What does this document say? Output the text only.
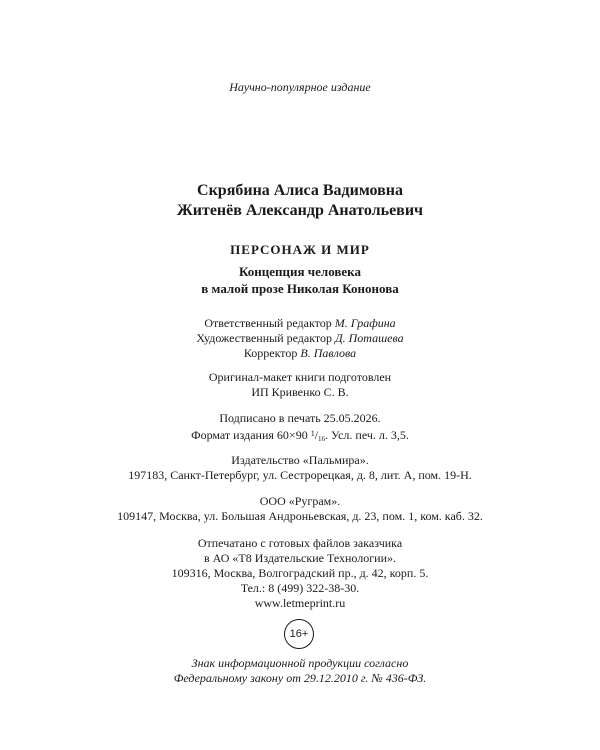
Научно-популярное издание
Скрябина Алиса Вадимовна
Житенёв Александр Анатольевич
ПЕРСОНАЖ И МИР
Концепция человека
в малой прозе Николая Кононова
Ответственный редактор М. Графина
Художественный редактор Д. Поташева
Корректор В. Павлова
Оригинал-макет книги подготовлен
ИП Кривенко С. В.
Подписано в печать 25.05.2026.
Формат издания 60×90 $^1$/16. Усл. печ. л. 3,5.
Издательство «Пальмира».
197183, Санкт-Петербург, ул. Сестрорецкая, д. 8, лит. А, пом. 19-Н.
ООО «Руграм».
109147, Москва, ул. Большая Андроньевская, д. 23, пом. 1, ком. каб. 32.
Отпечатано с готовых файлов заказчика
в АО «Т8 Издательские Технологии».
109316, Москва, Волгоградский пр., д. 42, корп. 5.
Тел.: 8 (499) 322-38-30.
www.letmeprint.ru
16+
Знак информационной продукции согласно
Федеральному закону от 29.12.2010 г. № 436-ФЗ.
